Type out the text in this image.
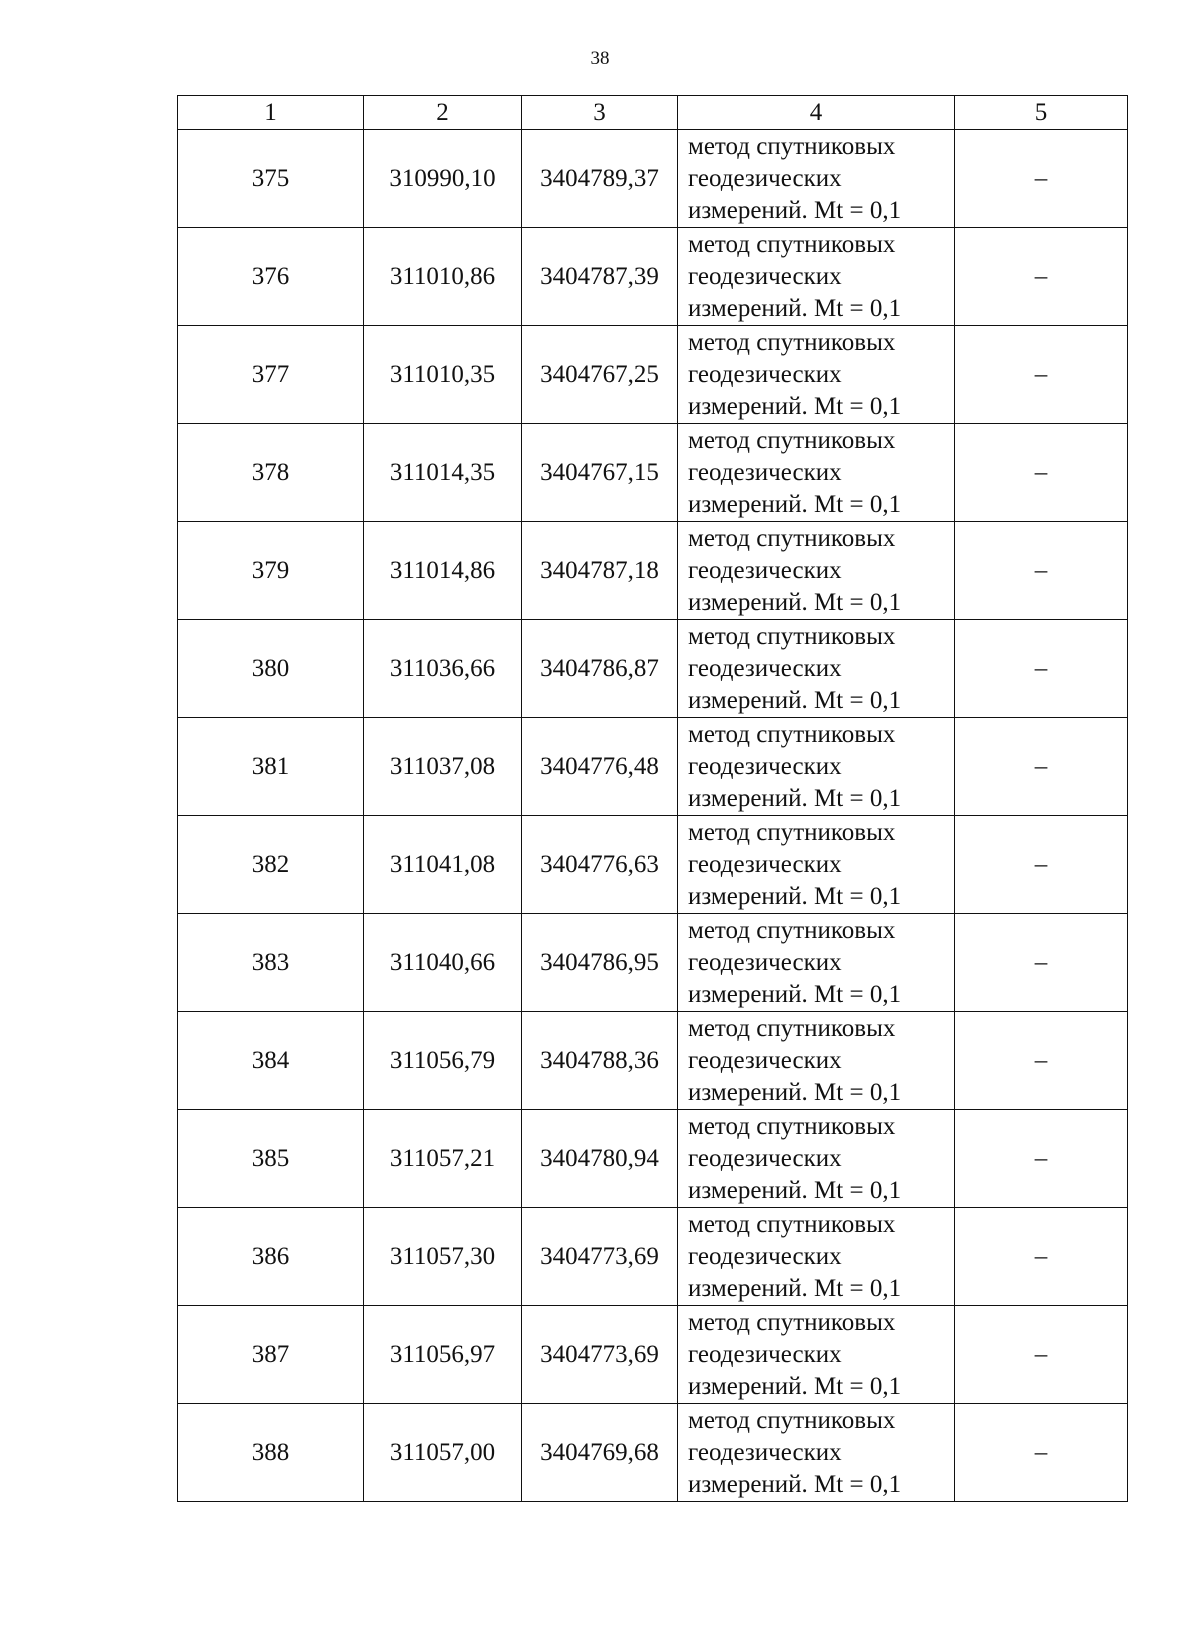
38
1	2	3	4	5
375	310990,10	3404789,37	метод спутниковых
геодезических
измерений. Mt = 0,1	–
376	311010,86	3404787,39	метод спутниковых
геодезических
измерений. Mt = 0,1	–
377	311010,35	3404767,25	метод спутниковых
геодезических
измерений. Mt = 0,1	–
378	311014,35	3404767,15	метод спутниковых
геодезических
измерений. Mt = 0,1	–
379	311014,86	3404787,18	метод спутниковых
геодезических
измерений. Mt = 0,1	–
380	311036,66	3404786,87	метод спутниковых
геодезических
измерений. Mt = 0,1	–
381	311037,08	3404776,48	метод спутниковых
геодезических
измерений. Mt = 0,1	–
382	311041,08	3404776,63	метод спутниковых
геодезических
измерений. Mt = 0,1	–
383	311040,66	3404786,95	метод спутниковых
геодезических
измерений. Mt = 0,1	–
384	311056,79	3404788,36	метод спутниковых
геодезических
измерений. Mt = 0,1	–
385	311057,21	3404780,94	метод спутниковых
геодезических
измерений. Mt = 0,1	–
386	311057,30	3404773,69	метод спутниковых
геодезических
измерений. Mt = 0,1	–
387	311056,97	3404773,69	метод спутниковых
геодезических
измерений. Mt = 0,1	–
388	311057,00	3404769,68	метод спутниковых
геодезических
измерений. Mt = 0,1	–
